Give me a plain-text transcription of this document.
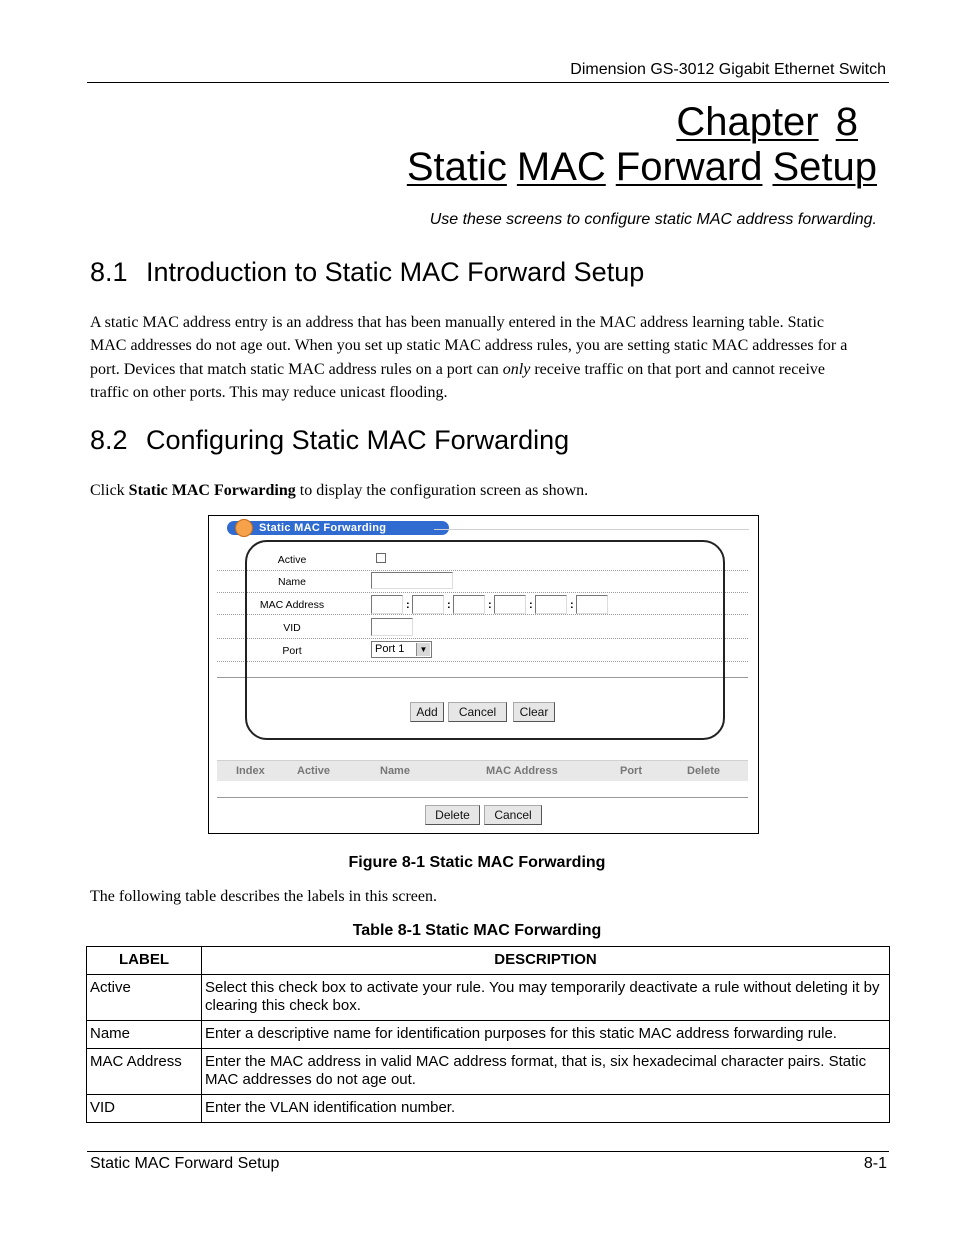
Dimension GS-3012 Gigabit Ethernet Switch
Chapter 8
Static MAC Forward Setup
Use these screens to configure static MAC address forwarding.
8.1 Introduction to Static MAC Forward Setup
A static MAC address entry is an address that has been manually entered in the MAC address learning table. Static MAC addresses do not age out. When you set up static MAC address rules, you are setting static MAC addresses for a port. Devices that match static MAC address rules on a port can only receive traffic on that port and cannot receive traffic on other ports. This may reduce unicast flooding.
8.2 Configuring Static MAC Forwarding
Click Static MAC Forwarding to display the configuration screen as shown.
Static MAC Forwarding
Active
Name
MAC Address	:	:	:	:	:
VID
Port	Port 1	▼
Add	Cancel	Clear
Index	Active	Name	MAC Address	Port	Delete
Delete	Cancel
Figure 8-1 Static MAC Forwarding
The following table describes the labels in this screen.
Table 8-1 Static MAC Forwarding
LABEL	DESCRIPTION
Active	Select this check box to activate your rule. You may temporarily deactivate a rule without deleting it by clearing this check box.
Name	Enter a descriptive name for identification purposes for this static MAC address forwarding rule.
MAC Address	Enter the MAC address in valid MAC address format, that is, six hexadecimal character pairs. Static MAC addresses do not age out.
VID	Enter the VLAN identification number.
Static MAC Forward Setup	8-1
